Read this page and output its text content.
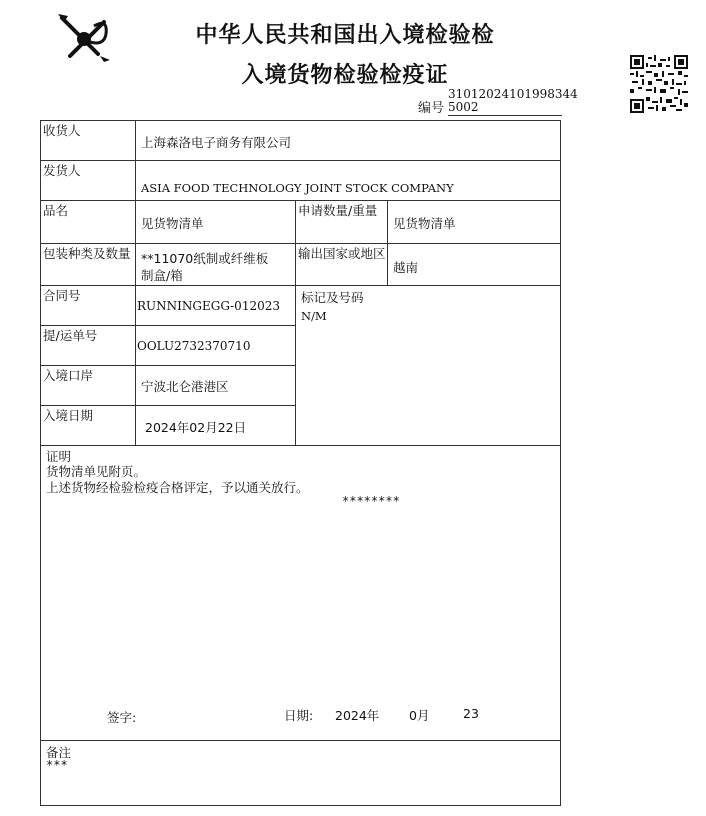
中华人民共和国出入境检验检
入境货物检验检疫证
编号
310120241019983445002
收货人
上海森洛电子商务有限公司
发货人
ASIA FOOD TECHNOLOGY JOINT STOCK COMPANY
品名
见货物清单
申请数量/重量
见货物清单
包装种类及数量 **11070纸制或纤维板
制盒/箱
输出国家或地区
越南
合同号
RUNNINGEGG-012023
标记及号码
N/M
提/运单号
OOLU2732370710
入境口岸
宁波北仑港港区
入境日期
2024年02月22日
证明
货物清单见附页。
上述货物经检验检疫合格评定，予以通关放行。
********
签字:	日期: 2024年 0月	23
备注
***
